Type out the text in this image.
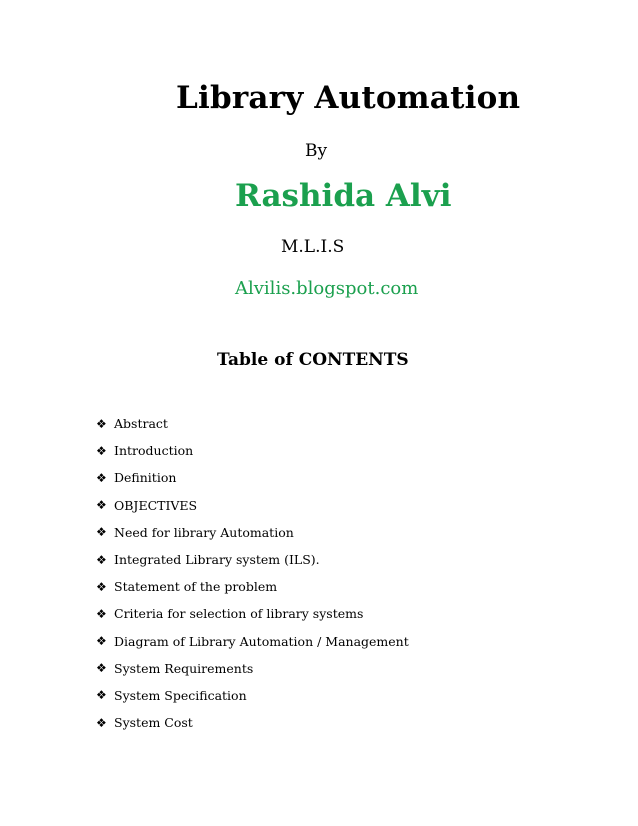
Library Automation
By
Rashida Alvi
M.L.I.S
Alvilis.blogspot.com
Table of CONTENTS
❖ Abstract
❖ Introduction
❖ Definition
❖ OBJECTIVES
❖ Need for library Automation
❖ Integrated Library system (ILS).
❖ Statement of the problem
❖ Criteria for selection of library systems
❖ Diagram of Library Automation / Management
❖ System Requirements
❖ System Specification
❖ System Cost
